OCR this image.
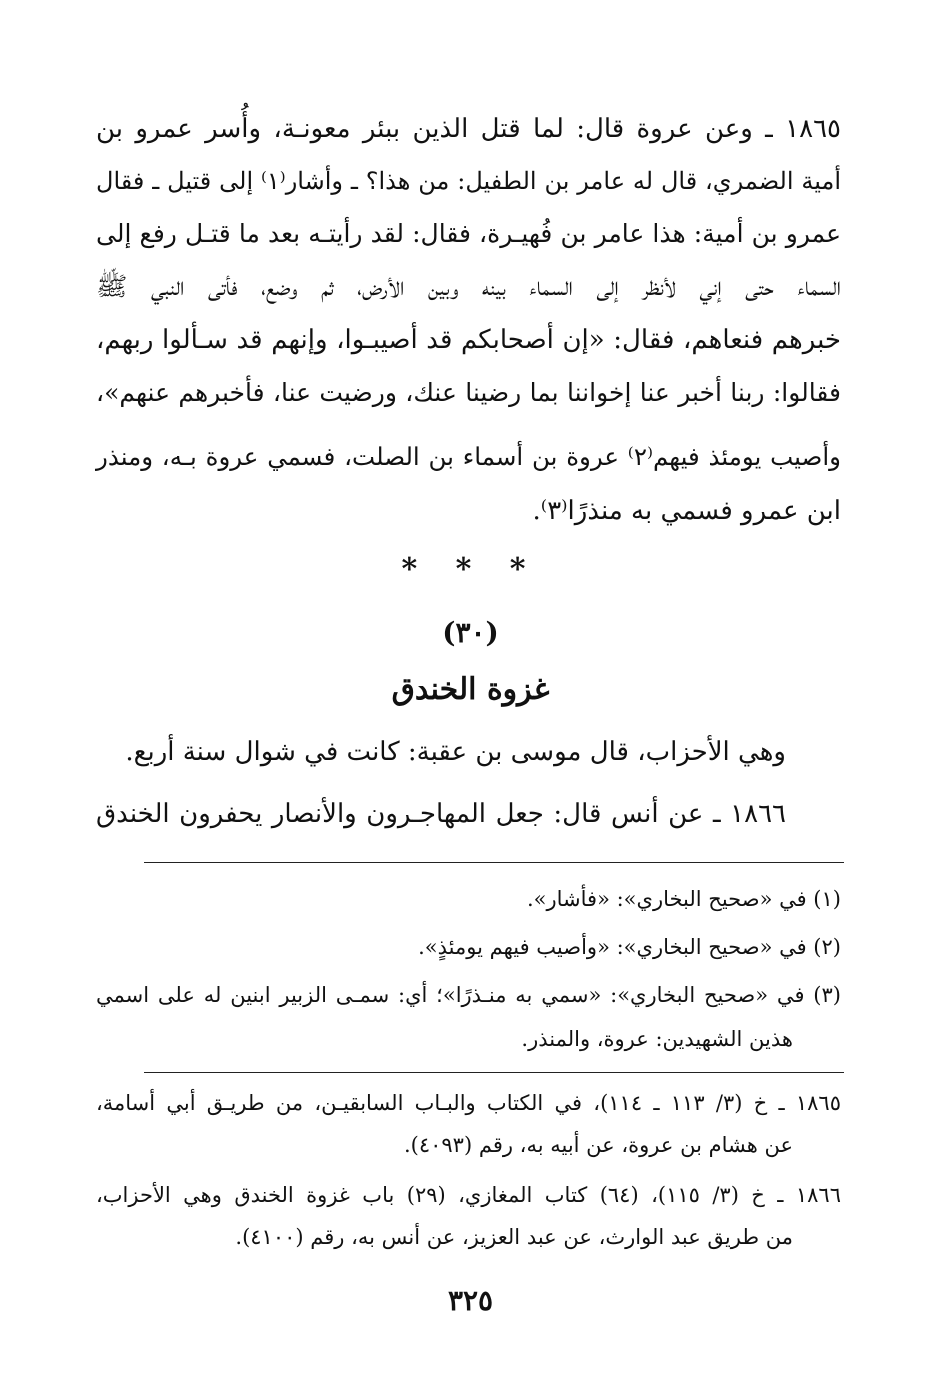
١٨٦٥ ـ وعن عروة قال: لما قتل الذين ببئر معونـة، وأُسر عمرو بن
أمية الضمري، قال له عامر بن الطفيل: من هذا؟ ـ وأشار⁽١⁾ إلى قتيل ـ فقال
عمرو بن أمية: هذا عامر بن فُهيـرة، فقال: لقد رأيتـه بعد ما قتـل رفع إلى
السماء حتى إني لأنظر إلى السماء بينه وبين الأرض، ثم وضع، فأتى النبي ﷺ
خبرهم فنعاهم، فقال: «إن أصحابكم قد أصيبـوا، وإنهم قد سـألوا ربهم،
فقالوا: ربنا أخبر عنا إخواننا بما رضينا عنك، ورضيت عنا، فأخبرهم عنهم»،
وأصيب يومئذ فيهم⁽٢⁾ عروة بن أسماء بن الصلت، فسمي عروة بـه، ومنذر
ابن عمرو فسمي به منذرًا⁽٣⁾.
* * *
(٣٠)
غزوة الخندق
وهي الأحزاب، قال موسى بن عقبة: كانت في شوال سنة أربع.
١٨٦٦ ـ عن أنس قال: جعل المهاجـرون والأنصار يحفرون الخندق
(١) في «صحيح البخاري»: «فأشار».
(٢) في «صحيح البخاري»: «وأصيب فيهم يومئذٍ».
(٣) في «صحيح البخاري»: «سمي به منـذرًا»؛ أي: سمـى الزبير ابنين له على اسمي
هذين الشهيدين: عروة، والمنذر.
١٨٦٥ ـ خ (٣/ ١١٣ ـ ١١٤)، في الكتاب والبـاب السابقيـن، من طريـق أبي أسامة،
عن هشام بن عروة، عن أبيه به، رقم (٤٠٩٣).
١٨٦٦ ـ خ (٣/ ١١٥)، (٦٤) كتاب المغازي، (٢٩) باب غزوة الخندق وهي الأحزاب،
من طريق عبد الوارث، عن عبد العزيز، عن أنس به، رقم (٤١٠٠).
٣٢٥
